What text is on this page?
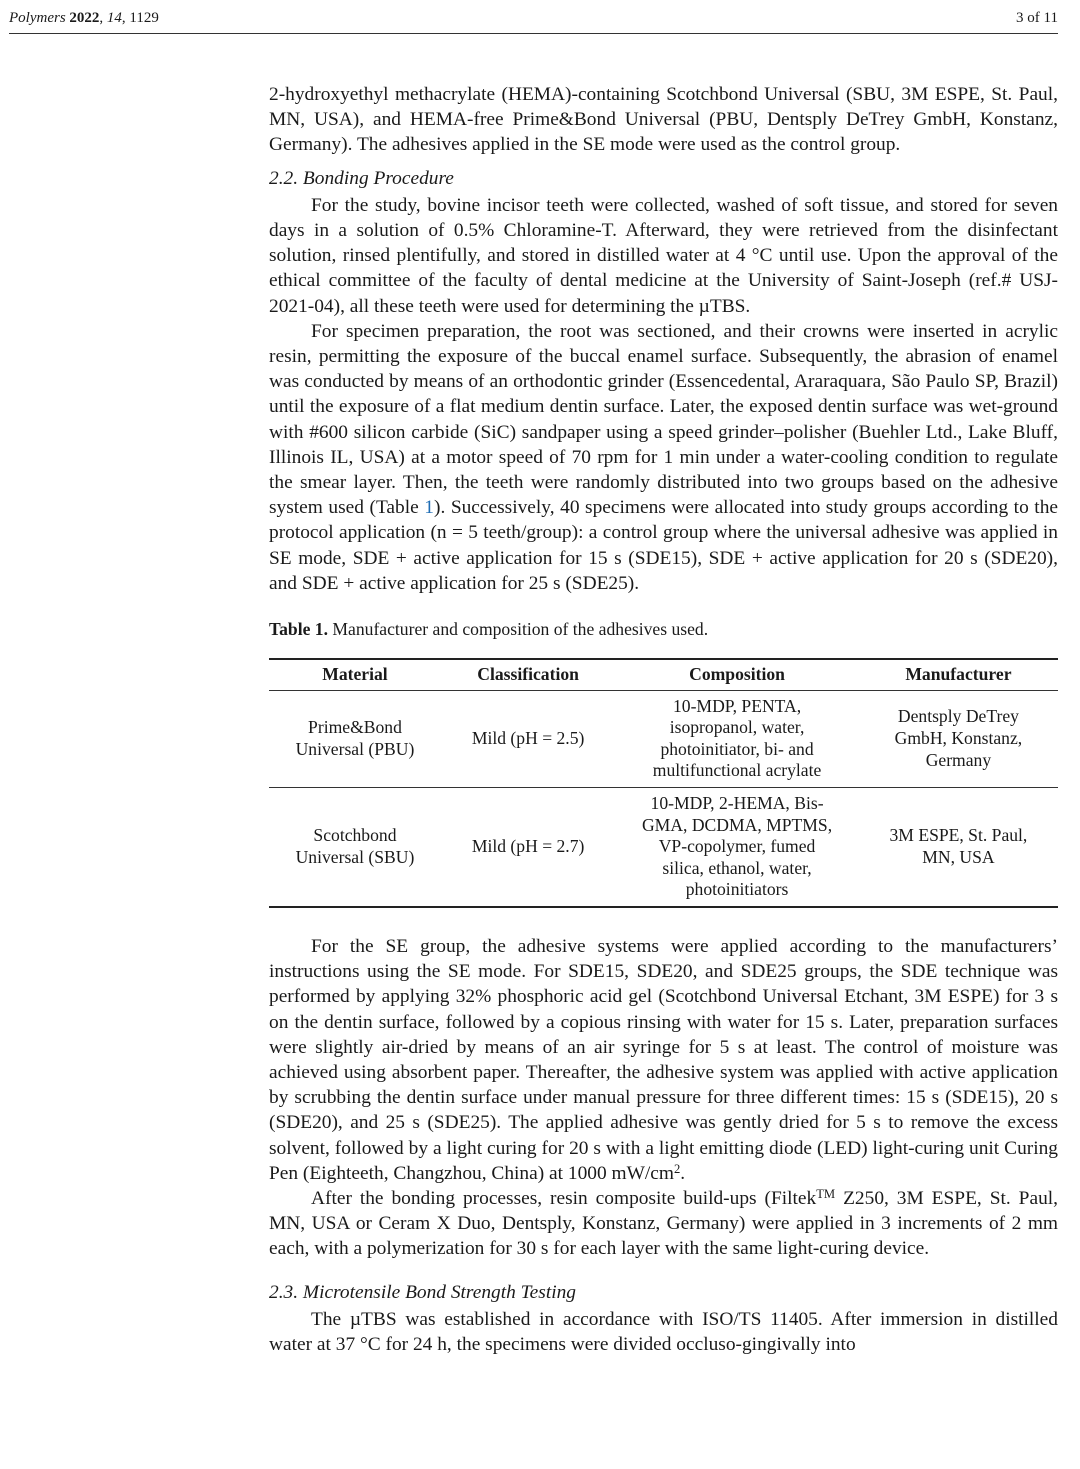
Polymers 2022, 14, 1129	3 of 11

2-hydroxyethyl methacrylate (HEMA)-containing Scotchbond Universal (SBU, 3M ESPE, St. Paul, MN, USA), and HEMA-free Prime&Bond Universal (PBU, Dentsply DeTrey GmbH, Konstanz, Germany). The adhesives applied in the SE mode were used as the control group.

2.2. Bonding Procedure

For the study, bovine incisor teeth were collected, washed of soft tissue, and stored for seven days in a solution of 0.5% Chloramine-T. Afterward, they were retrieved from the disinfectant solution, rinsed plentifully, and stored in distilled water at 4 °C until use. Upon the approval of the ethical committee of the faculty of dental medicine at the University of Saint-Joseph (ref.# USJ-2021-04), all these teeth were used for determining the µTBS.

For specimen preparation, the root was sectioned, and their crowns were inserted in acrylic resin, permitting the exposure of the buccal enamel surface. Subsequently, the abrasion of enamel was conducted by means of an orthodontic grinder (Essencedental, Araraquara, São Paulo SP, Brazil) until the exposure of a flat medium dentin surface. Later, the exposed dentin surface was wet-ground with #600 silicon carbide (SiC) sandpaper using a speed grinder–polisher (Buehler Ltd., Lake Bluff, Illinois IL, USA) at a motor speed of 70 rpm for 1 min under a water-cooling condition to regulate the smear layer. Then, the teeth were randomly distributed into two groups based on the adhesive system used (Table 1). Successively, 40 specimens were allocated into study groups according to the protocol application (n = 5 teeth/group): a control group where the universal adhesive was applied in SE mode, SDE + active application for 15 s (SDE15), SDE + active application for 20 s (SDE20), and SDE + active application for 25 s (SDE25).

Table 1. Manufacturer and composition of the adhesives used.

Material	Classification	Composition	Manufacturer

Prime&Bond Universal (PBU)	Mild (pH = 2.5)	10-MDP, PENTA, isopropanol, water, photoinitiator, bi- and multifunctional acrylate	Dentsply DeTrey GmbH, Konstanz, Germany

Scotchbond Universal (SBU)	Mild (pH = 2.7)	10-MDP, 2-HEMA, Bis-GMA, DCDMA, MPTMS, VP-copolymer, fumed silica, ethanol, water, photoinitiators	3M ESPE, St. Paul, MN, USA

For the SE group, the adhesive systems were applied according to the manufacturers’ instructions using the SE mode. For SDE15, SDE20, and SDE25 groups, the SDE technique was performed by applying 32% phosphoric acid gel (Scotchbond Universal Etchant, 3M ESPE) for 3 s on the dentin surface, followed by a copious rinsing with water for 15 s. Later, preparation surfaces were slightly air-dried by means of an air syringe for 5 s at least. The control of moisture was achieved using absorbent paper. Thereafter, the adhesive system was applied with active application by scrubbing the dentin surface under manual pressure for three different times: 15 s (SDE15), 20 s (SDE20), and 25 s (SDE25). The applied adhesive was gently dried for 5 s to remove the excess solvent, followed by a light curing for 20 s with a light emitting diode (LED) light-curing unit Curing Pen (Eighteeth, Changzhou, China) at 1000 $mW/cm^2$.

After the bonding processes, resin composite build-ups (Filtek™ Z250, 3M ESPE, St. Paul, MN, USA or Ceram X Duo, Dentsply, Konstanz, Germany) were applied in 3 increments of 2 mm each, with a polymerization for 30 s for each layer with the same light-curing device.

2.3. Microtensile Bond Strength Testing

The µTBS was established in accordance with ISO/TS 11405. After immersion in distilled water at 37 °C for 24 h, the specimens were divided occluso-gingivally into
